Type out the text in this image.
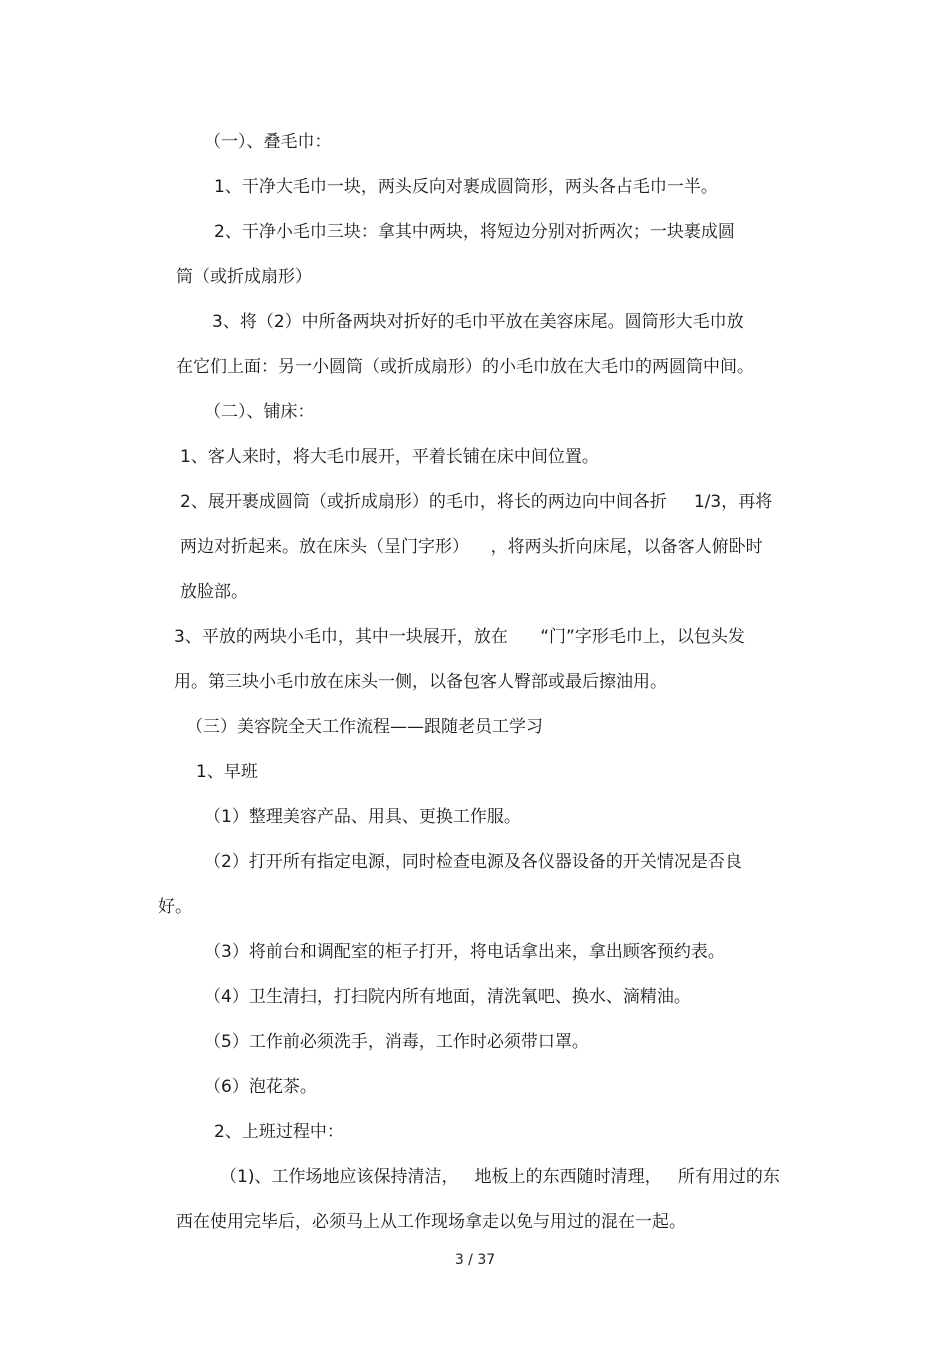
（一）、叠毛巾：
1、干净大毛巾一块，两头反向对裹成圆筒形，两头各占毛巾一半。
2、干净小毛巾三块：拿其中两块，将短边分别对折两次；一块裹成圆
筒（或折成扇形）
3、将（2）中所备两块对折好的毛巾平放在美容床尾。圆筒形大毛巾放
在它们上面：另一小圆筒（或折成扇形）的小毛巾放在大毛巾的两圆筒中间。
（二）、铺床：
1、客人来时，将大毛巾展开，平着长铺在床中间位置。
2、展开裹成圆筒（或折成扇形）的毛巾，将长的两边向中间各折     1/3，再将
两边对折起来。放在床头（呈门字形）    ，将两头折向床尾，以备客人俯卧时
放脸部。
3、平放的两块小毛巾，其中一块展开，放在      “门”字形毛巾上，以包头发
用。第三块小毛巾放在床头一侧，以备包客人臀部或最后擦油用。
（三）美容院全天工作流程——跟随老员工学习
1、早班
（1）整理美容产品、用具、更换工作服。
（2）打开所有指定电源，同时检查电源及各仪器设备的开关情况是否良
好。
（3）将前台和调配室的柜子打开，将电话拿出来，拿出顾客预约表。
（4）卫生清扫，打扫院内所有地面，清洗氧吧、换水、滴精油。
（5）工作前必须洗手，消毒，工作时必须带口罩。
（6）泡花茶。
2、上班过程中：
（1)、工作场地应该保持清洁，   地板上的东西随时清理，   所有用过的东
西在使用完毕后，必须马上从工作现场拿走以免与用过的混在一起。
3 / 37
